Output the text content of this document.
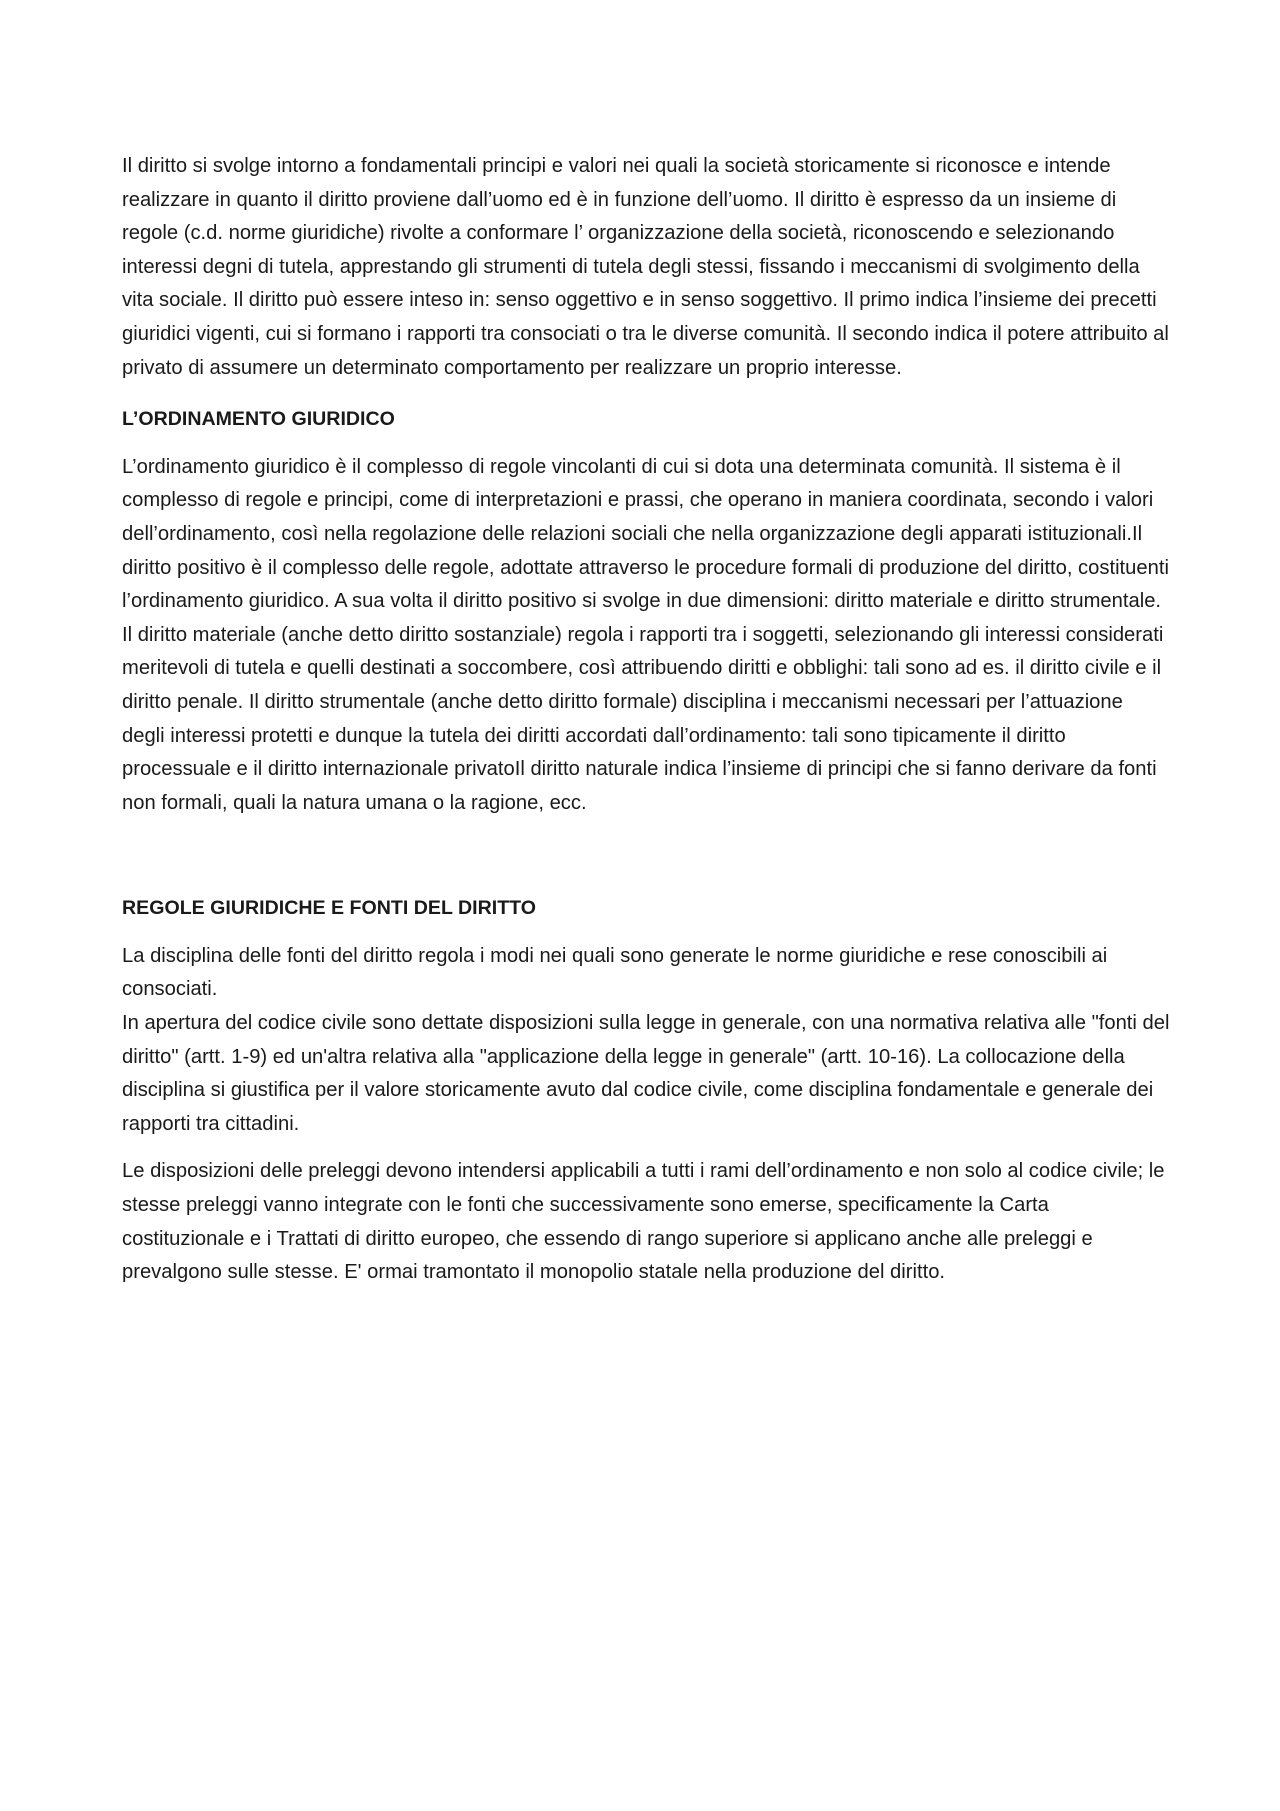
Il diritto si svolge intorno a fondamentali principi e valori nei quali la società storicamente si riconosce e intende realizzare in quanto il diritto proviene dall’uomo ed è in funzione dell’uomo. Il diritto è espresso da un insieme di regole (c.d. norme giuridiche) rivolte a conformare l’ organizzazione della società, riconoscendo e selezionando interessi degni di tutela, apprestando gli strumenti di tutela degli stessi, fissando i meccanismi di svolgimento della vita sociale. Il diritto può essere inteso in: senso oggettivo e in senso soggettivo. Il primo indica l’insieme dei precetti giuridici vigenti, cui si formano i rapporti tra consociati o tra le diverse comunità. Il secondo indica il potere attribuito al privato di assumere un determinato comportamento per realizzare un proprio interesse.

L’ORDINAMENTO GIURIDICO

L’ordinamento giuridico è il complesso di regole vincolanti di cui si dota una determinata comunità. Il sistema è il complesso di regole e principi, come di interpretazioni e prassi, che operano in maniera coordinata, secondo i valori dell’ordinamento, così nella regolazione delle relazioni sociali che nella organizzazione degli apparati istituzionali.Il diritto positivo è il complesso delle regole, adottate attraverso le procedure formali di produzione del diritto, costituenti l’ordinamento giuridico. A sua volta il diritto positivo si svolge in due dimensioni: diritto materiale e diritto strumentale. Il diritto materiale (anche detto diritto sostanziale) regola i rapporti tra i soggetti, selezionando gli interessi considerati meritevoli di tutela e quelli destinati a soccombere, così attribuendo diritti e obblighi: tali sono ad es. il diritto civile e il diritto penale. Il diritto strumentale (anche detto diritto formale) disciplina i meccanismi necessari per l’attuazione degli interessi protetti e dunque la tutela dei diritti accordati dall’ordinamento: tali sono tipicamente il diritto processuale e il diritto internazionale privatoIl diritto naturale indica l’insieme di principi che si fanno derivare da fonti non formali, quali la natura umana o la ragione, ecc.

REGOLE GIURIDICHE E FONTI DEL DIRITTO

La disciplina delle fonti del diritto regola i modi nei quali sono generate le norme giuridiche e rese conoscibili ai consociati.

In apertura del codice civile sono dettate disposizioni sulla legge in generale, con una normativa relativa alle "fonti del diritto" (artt. 1-9) ed un'altra relativa alla "applicazione della legge in generale" (artt. 10-16). La collocazione della disciplina si giustifica per il valore storicamente avuto dal codice civile, come disciplina fondamentale e generale dei rapporti tra cittadini.

Le disposizioni delle preleggi devono intendersi applicabili a tutti i rami dell’ordinamento e non solo al codice civile; le stesse preleggi vanno integrate con le fonti che successivamente sono emerse, specificamente la Carta costituzionale e i Trattati di diritto europeo, che essendo di rango superiore si applicano anche alle preleggi e prevalgono sulle stesse. E' ormai tramontato il monopolio statale nella produzione del diritto.
